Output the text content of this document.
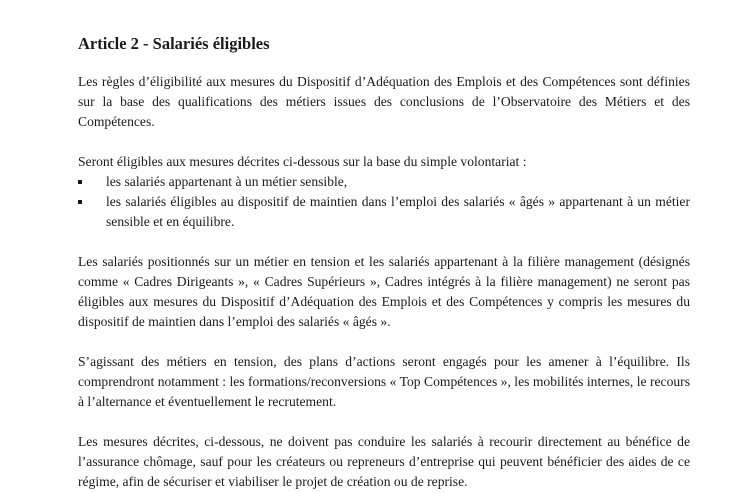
Article 2 - Salariés éligibles

Les règles d’éligibilité aux mesures du Dispositif d’Adéquation des Emplois et des Compétences sont définies sur la base des qualifications des métiers issues des conclusions de l’Observatoire des Métiers et des Compétences.

Seront éligibles aux mesures décrites ci-dessous sur la base du simple volontariat :

les salariés appartenant à un métier sensible,
les salariés éligibles au dispositif de maintien dans l’emploi des salariés « âgés » appartenant à un métier sensible et en équilibre.

Les salariés positionnés sur un métier en tension et les salariés appartenant à la filière management (désignés comme « Cadres Dirigeants », « Cadres Supérieurs », Cadres intégrés à la filière management) ne seront pas éligibles aux mesures du Dispositif d’Adéquation des Emplois et des Compétences y compris les mesures du dispositif de maintien dans l’emploi des salariés « âgés ».

S’agissant des métiers en tension, des plans d’actions seront engagés pour les amener à l’équilibre. Ils comprendront notamment : les formations/reconversions « Top Compétences », les mobilités internes, le recours à l’alternance et éventuellement le recrutement.

Les mesures décrites, ci-dessous, ne doivent pas conduire les salariés à recourir directement au bénéfice de l’assurance chômage, sauf pour les créateurs ou repreneurs d’entreprise qui peuvent bénéficier des aides de ce régime, afin de sécuriser et viabiliser le projet de création ou de reprise.
